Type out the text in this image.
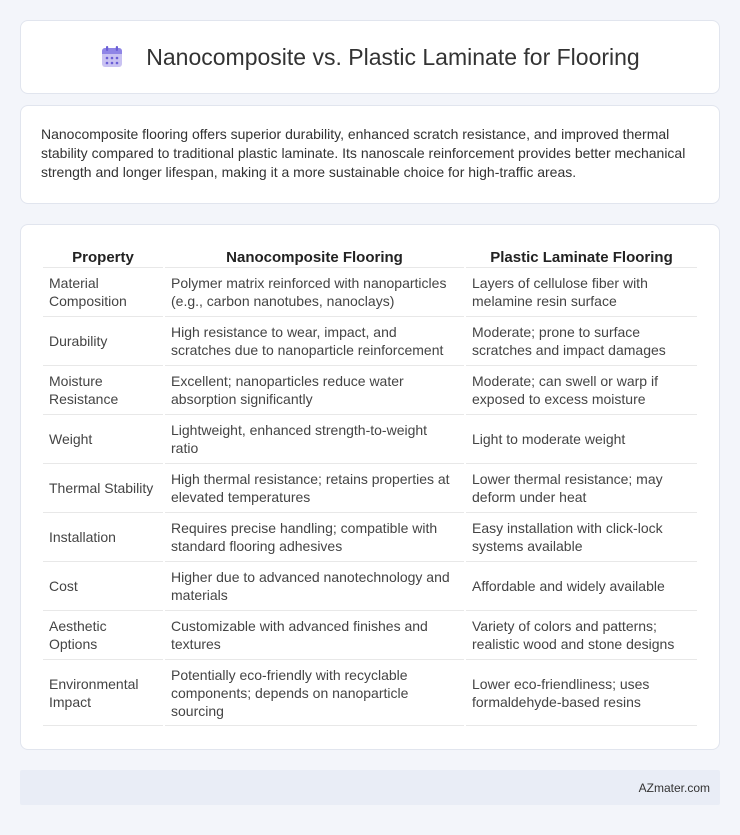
Nanocomposite vs. Plastic Laminate for Flooring

Nanocomposite flooring offers superior durability, enhanced scratch resistance, and improved thermal stability compared to traditional plastic laminate. Its nanoscale reinforcement provides better mechanical strength and longer lifespan, making it a more sustainable choice for high-traffic areas.

Property	Nanocomposite Flooring	Plastic Laminate Flooring
Material Composition	Polymer matrix reinforced with nanoparticles (e.g., carbon nanotubes, nanoclays)	Layers of cellulose fiber with melamine resin surface
Durability	High resistance to wear, impact, and scratches due to nanoparticle reinforcement	Moderate; prone to surface scratches and impact damages
Moisture Resistance	Excellent; nanoparticles reduce water absorption significantly	Moderate; can swell or warp if exposed to excess moisture
Weight	Lightweight, enhanced strength-to-weight ratio	Light to moderate weight
Thermal Stability	High thermal resistance; retains properties at elevated temperatures	Lower thermal resistance; may deform under heat
Installation	Requires precise handling; compatible with standard flooring adhesives	Easy installation with click-lock systems available
Cost	Higher due to advanced nanotechnology and materials	Affordable and widely available
Aesthetic Options	Customizable with advanced finishes and textures	Variety of colors and patterns; realistic wood and stone designs
Environmental Impact	Potentially eco-friendly with recyclable components; depends on nanoparticle sourcing	Lower eco-friendliness; uses formaldehyde-based resins
AZmater.com
